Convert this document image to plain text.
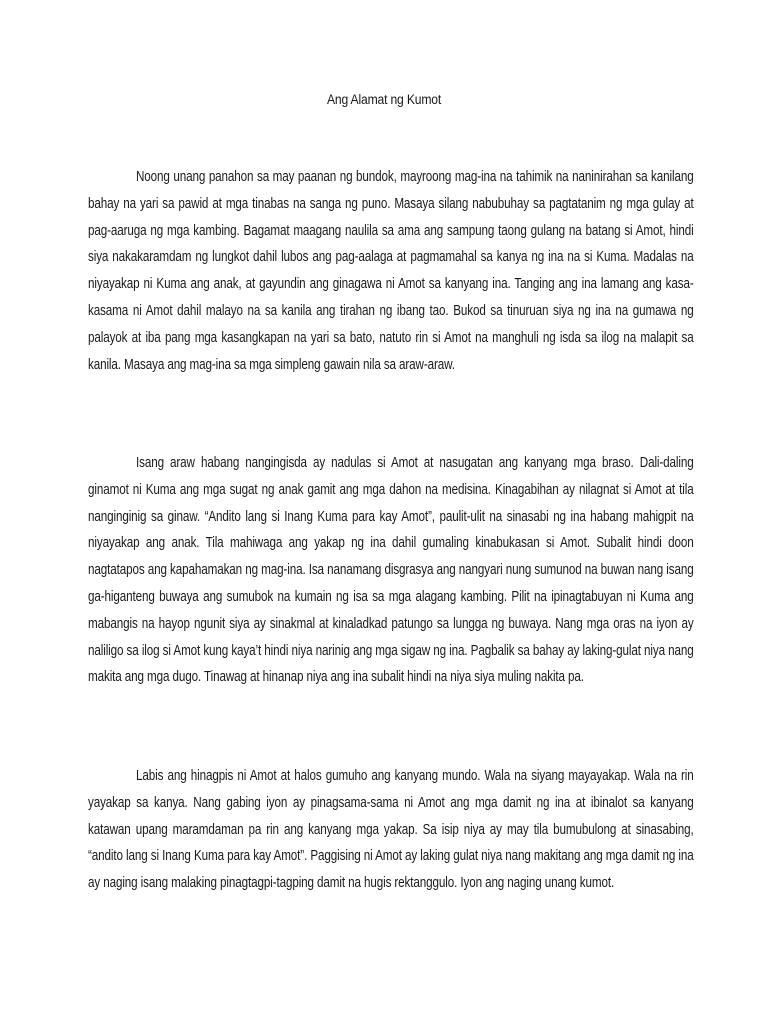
Ang Alamat ng Kumot
Noong unang panahon sa may paanan ng bundok, mayroong mag-ina na tahimik na naninirahan sa kanilang bahay na yari sa pawid at mga tinabas na sanga ng puno. Masaya silang nabubuhay sa pagtatanim ng mga gulay at pag-aaruga ng mga kambing. Bagamat maagang naulila sa ama ang sampung taong gulang na batang si Amot, hindi siya nakakaramdam ng lungkot dahil lubos ang pag-aalaga at pagmamahal sa kanya ng ina na si Kuma. Madalas na niyayakap ni Kuma ang anak, at gayundin ang ginagawa ni Amot sa kanyang ina. Tanging ang ina lamang ang kasa-kasama ni Amot dahil malayo na sa kanila ang tirahan ng ibang tao. Bukod sa tinuruan siya ng ina na gumawa ng palayok at iba pang mga kasangkapan na yari sa bato, natuto rin si Amot na manghuli ng isda sa ilog na malapit sa kanila. Masaya ang mag-ina sa mga simpleng gawain nila sa araw-araw.
Isang araw habang nangingisda ay nadulas si Amot at nasugatan ang kanyang mga braso. Dali-daling ginamot ni Kuma ang mga sugat ng anak gamit ang mga dahon na medisina. Kinagabihan ay nilagnat si Amot at tila nanginginig sa ginaw. “Andito lang si Inang Kuma para kay Amot”, paulit-ulit na sinasabi ng ina habang mahigpit na niyayakap ang anak. Tila mahiwaga ang yakap ng ina dahil gumaling kinabukasan si Amot. Subalit hindi doon nagtatapos ang kapahamakan ng mag-ina. Isa nanamang disgrasya ang nangyari nung sumunod na buwan nang isang ga-higanteng buwaya ang sumubok na kumain ng isa sa mga alagang kambing. Pilit na ipinagtabuyan ni Kuma ang mabangis na hayop ngunit siya ay sinakmal at kinaladkad patungo sa lungga ng buwaya. Nang mga oras na iyon ay naliligo sa ilog si Amot kung kaya’t hindi niya narinig ang mga sigaw ng ina. Pagbalik sa bahay ay laking-gulat niya nang makita ang mga dugo. Tinawag at hinanap niya ang ina subalit hindi na niya siya muling nakita pa.
Labis ang hinagpis ni Amot at halos gumuho ang kanyang mundo. Wala na siyang mayayakap. Wala na rin yayakap sa kanya. Nang gabing iyon ay pinagsama-sama ni Amot ang mga damit ng ina at ibinalot sa kanyang katawan upang maramdaman pa rin ang kanyang mga yakap. Sa isip niya ay may tila bumubulong at sinasabing, “andito lang si Inang Kuma para kay Amot”. Paggising ni Amot ay laking gulat niya nang makitang ang mga damit ng ina ay naging isang malaking pinagtagpi-tagping damit na hugis rektanggulo. Iyon ang naging unang kumot.
